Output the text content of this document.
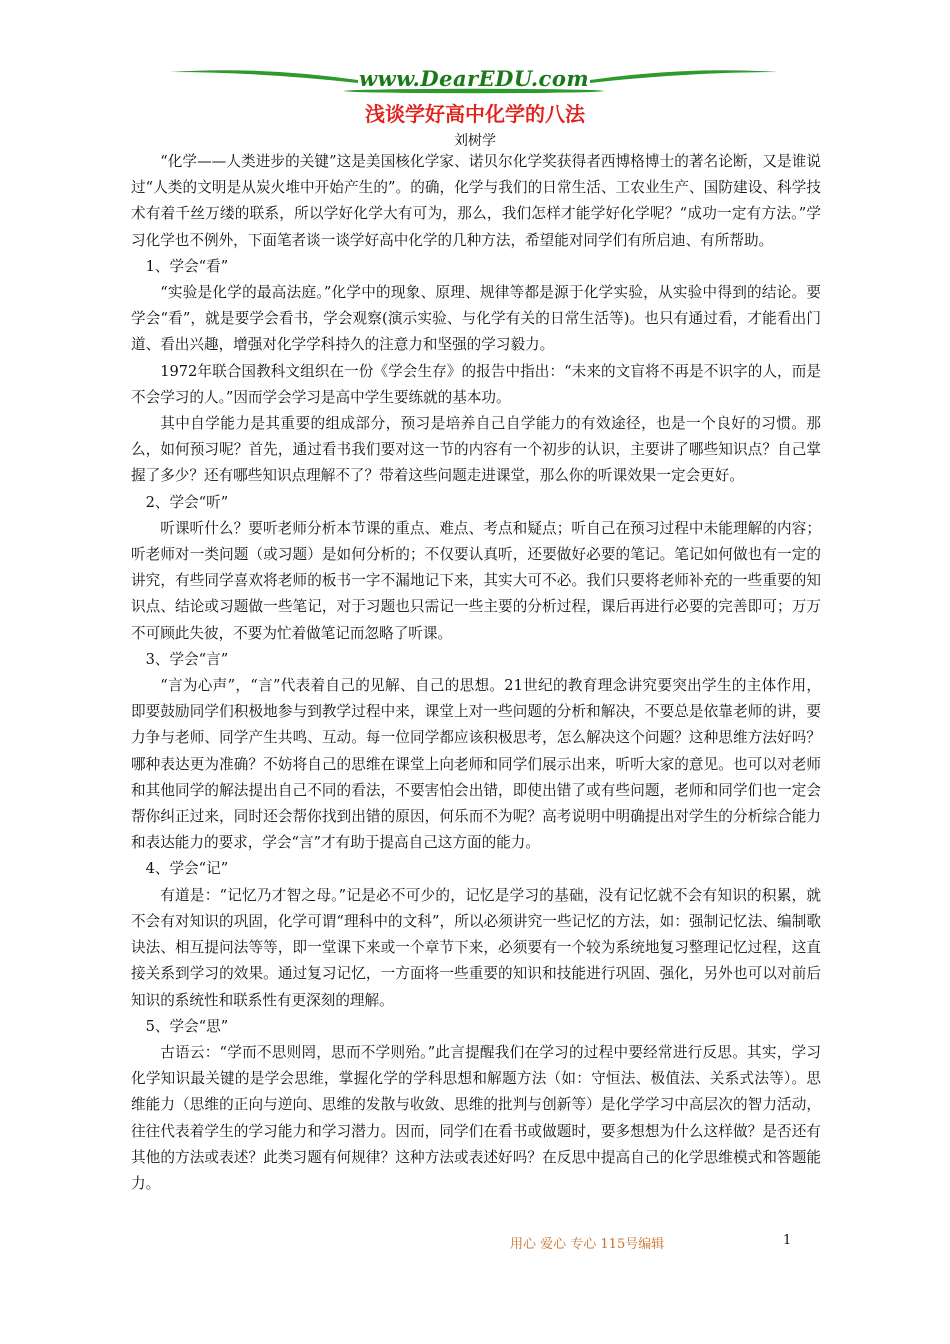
www.DearEDU.com
浅谈学好高中化学的八法
刘树学

“化学——人类进步的关键”这是美国核化学家、诺贝尔化学奖获得者西博格博士的著名论断，又是谁说过“人类的文明是从炭火堆中开始产生的”。的确，化学与我们的日常生活、工农业生产、国防建设、科学技术有着千丝万缕的联系，所以学好化学大有可为，那么，我们怎样才能学好化学呢？“成功一定有方法。”学习化学也不例外，下面笔者谈一谈学好高中化学的几种方法，希望能对同学们有所启迪、有所帮助。

1、学会“看”

“实验是化学的最高法庭。”化学中的现象、原理、规律等都是源于化学实验，从实验中得到的结论。要学会“看”，就是要学会看书，学会观察(演示实验、与化学有关的日常生活等)。也只有通过看，才能看出门道、看出兴趣，增强对化学学科持久的注意力和坚强的学习毅力。

1972年联合国教科文组织在一份《学会生存》的报告中指出：“未来的文盲将不再是不识字的人，而是不会学习的人。”因而学会学习是高中学生要练就的基本功。

其中自学能力是其重要的组成部分，预习是培养自己自学能力的有效途径，也是一个良好的习惯。那么，如何预习呢？首先，通过看书我们要对这一节的内容有一个初步的认识，主要讲了哪些知识点？自己掌握了多少？还有哪些知识点理解不了？带着这些问题走进课堂，那么你的听课效果一定会更好。

2、学会“听”

听课听什么？要听老师分析本节课的重点、难点、考点和疑点；听自己在预习过程中未能理解的内容；听老师对一类问题（或习题）是如何分析的；不仅要认真听，还要做好必要的笔记。笔记如何做也有一定的讲究，有些同学喜欢将老师的板书一字不漏地记下来，其实大可不必。我们只要将老师补充的一些重要的知识点、结论或习题做一些笔记，对于习题也只需记一些主要的分析过程，课后再进行必要的完善即可；万万不可顾此失彼，不要为忙着做笔记而忽略了听课。

3、学会“言”

“言为心声”，“言”代表着自己的见解、自己的思想。21世纪的教育理念讲究要突出学生的主体作用，即要鼓励同学们积极地参与到教学过程中来，课堂上对一些问题的分析和解决，不要总是依靠老师的讲，要力争与老师、同学产生共鸣、互动。每一位同学都应该积极思考，怎么解决这个问题？这种思维方法好吗？哪种表达更为准确？不妨将自己的思维在课堂上向老师和同学们展示出来，听听大家的意见。也可以对老师和其他同学的解法提出自己不同的看法，不要害怕会出错，即使出错了或有些问题，老师和同学们也一定会帮你纠正过来，同时还会帮你找到出错的原因，何乐而不为呢？高考说明中明确提出对学生的分析综合能力和表达能力的要求，学会“言”才有助于提高自己这方面的能力。

4、学会“记”

有道是：“记忆乃才智之母。”记是必不可少的，记忆是学习的基础，没有记忆就不会有知识的积累，就不会有对知识的巩固，化学可谓“理科中的文科”，所以必须讲究一些记忆的方法，如：强制记忆法、编制歌诀法、相互提问法等等，即一堂课下来或一个章节下来，必须要有一个较为系统地复习整理记忆过程，这直接关系到学习的效果。通过复习记忆，一方面将一些重要的知识和技能进行巩固、强化，另外也可以对前后知识的系统性和联系性有更深刻的理解。

5、学会“思”

古语云：“学而不思则罔，思而不学则殆。”此言提醒我们在学习的过程中要经常进行反思。其实，学习化学知识最关键的是学会思维，掌握化学的学科思想和解题方法（如：守恒法、极值法、关系式法等）。思维能力（思维的正向与逆向、思维的发散与收敛、思维的批判与创新等）是化学学习中高层次的智力活动，往往代表着学生的学习能力和学习潜力。因而，同学们在看书或做题时，要多想想为什么这样做？是否还有其他的方法或表述？此类习题有何规律？这种方法或表述好吗？在反思中提高自己的化学思维模式和答题能力。

用心 爱心 专心 115号编辑	1
